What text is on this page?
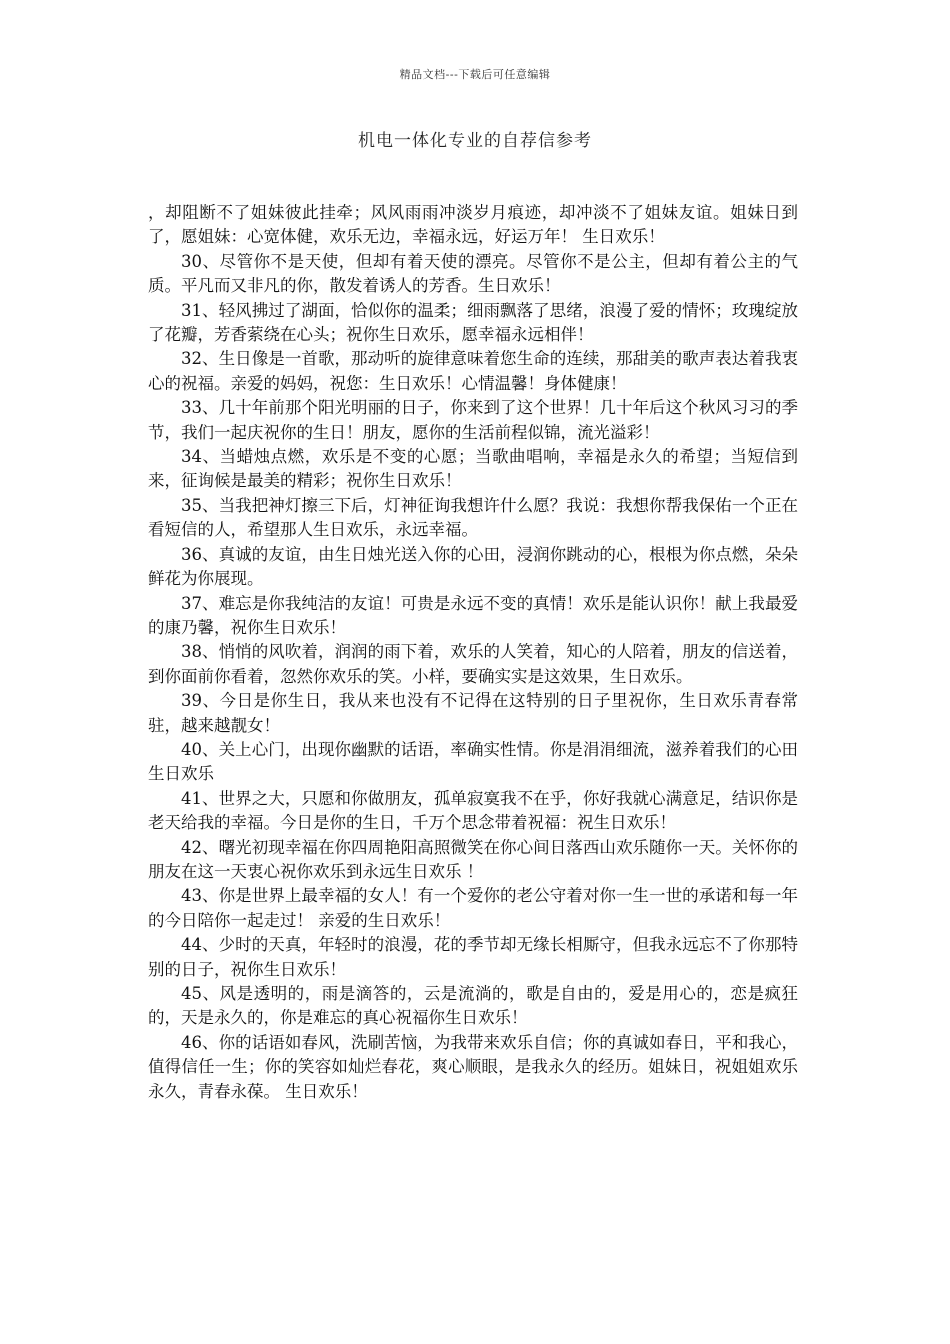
精品文档---下载后可任意编辑
机电一体化专业的自荐信参考

，却阻断不了姐妹彼此挂牵；风风雨雨冲淡岁月痕迹，却冲淡不了姐妹友谊。姐妹日到了，愿姐妹：心宽体健，欢乐无边，幸福永远，好运万年！ 生日欢乐！

30、尽管你不是天使，但却有着天使的漂亮。尽管你不是公主，但却有着公主的气质。平凡而又非凡的你，散发着诱人的芳香。生日欢乐！

31、轻风拂过了湖面，恰似你的温柔；细雨飘落了思绪，浪漫了爱的情怀；玫瑰绽放了花瓣，芳香萦绕在心头；祝你生日欢乐，愿幸福永远相伴！

32、生日像是一首歌，那动听的旋律意味着您生命的连续，那甜美的歌声表达着我衷心的祝福。亲爱的妈妈，祝您：生日欢乐！心情温馨！身体健康！

33、几十年前那个阳光明丽的日子，你来到了这个世界！几十年后这个秋风习习的季节，我们一起庆祝你的生日！朋友，愿你的生活前程似锦，流光溢彩！

34、当蜡烛点燃，欢乐是不变的心愿；当歌曲唱响，幸福是永久的希望；当短信到来，征询候是最美的精彩；祝你生日欢乐！

35、当我把神灯擦三下后，灯神征询我想许什么愿？我说：我想你帮我保佑一个正在看短信的人，希望那人生日欢乐，永远幸福。

36、真诚的友谊，由生日烛光送入你的心田，浸润你跳动的心，根根为你点燃，朵朵鲜花为你展现。

37、难忘是你我纯洁的友谊！可贵是永远不变的真情！欢乐是能认识你！献上我最爱的康乃馨，祝你生日欢乐！

38、悄悄的风吹着，润润的雨下着，欢乐的人笑着，知心的人陪着，朋友的信送着，到你面前你看着，忽然你欢乐的笑。小样，要确实实是这效果，生日欢乐。

39、今日是你生日，我从来也没有不记得在这特别的日子里祝你，生日欢乐青春常驻，越来越靓女！

40、关上心门，出现你幽默的话语，率确实性情。你是涓涓细流，滋养着我们的心田生日欢乐

41、世界之大，只愿和你做朋友，孤单寂寞我不在乎，你好我就心满意足，结识你是老天给我的幸福。今日是你的生日，千万个思念带着祝福：祝生日欢乐！

42、曙光初现幸福在你四周艳阳高照微笑在你心间日落西山欢乐随你一天。关怀你的朋友在这一天衷心祝你欢乐到永远生日欢乐 ！

43、你是世界上最幸福的女人！有一个爱你的老公守着对你一生一世的承诺和每一年的今日陪你一起走过！ 亲爱的生日欢乐！

44、少时的天真，年轻时的浪漫，花的季节却无缘长相厮守，但我永远忘不了你那特别的日子，祝你生日欢乐！

45、风是透明的，雨是滴答的，云是流淌的，歌是自由的，爱是用心的，恋是疯狂的，天是永久的，你是难忘的真心祝福你生日欢乐！

46、你的话语如春风，洗刷苦恼，为我带来欢乐自信；你的真诚如春日，平和我心，值得信任一生；你的笑容如灿烂春花，爽心顺眼，是我永久的经历。姐妹日，祝姐姐欢乐永久，青春永葆。 生日欢乐！
